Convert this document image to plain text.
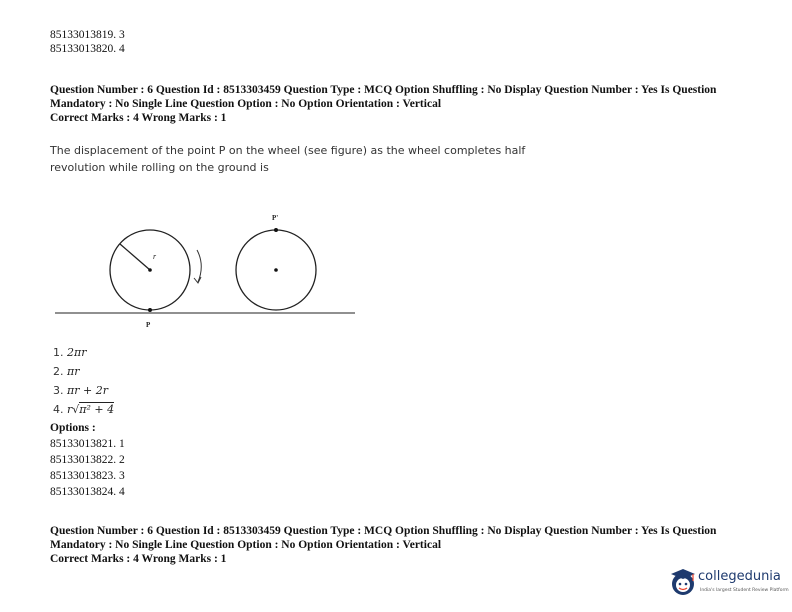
85133013819. 3
85133013820. 4
Question Number : 6 Question Id : 8513303459 Question Type : MCQ Option Shuffling : No Display Question Number : Yes Is Question
Mandatory : No Single Line Question Option : No Option Orientation : Vertical
Correct Marks : 4 Wrong Marks : 1
The displacement of the point P on the wheel (see figure) as the wheel completes half
revolution while rolling on the ground is
r
P
P'
1. 2πr
2. πr
3. πr + 2r
4. r√π² + 4
Options :
85133013821. 1
85133013822. 2
85133013823. 3
85133013824. 4
Question Number : 6 Question Id : 8513303459 Question Type : MCQ Option Shuffling : No Display Question Number : Yes Is Question
Mandatory : No Single Line Question Option : No Option Orientation : Vertical
Correct Marks : 4 Wrong Marks : 1
collegedunia
India's largest Student Review Platform
